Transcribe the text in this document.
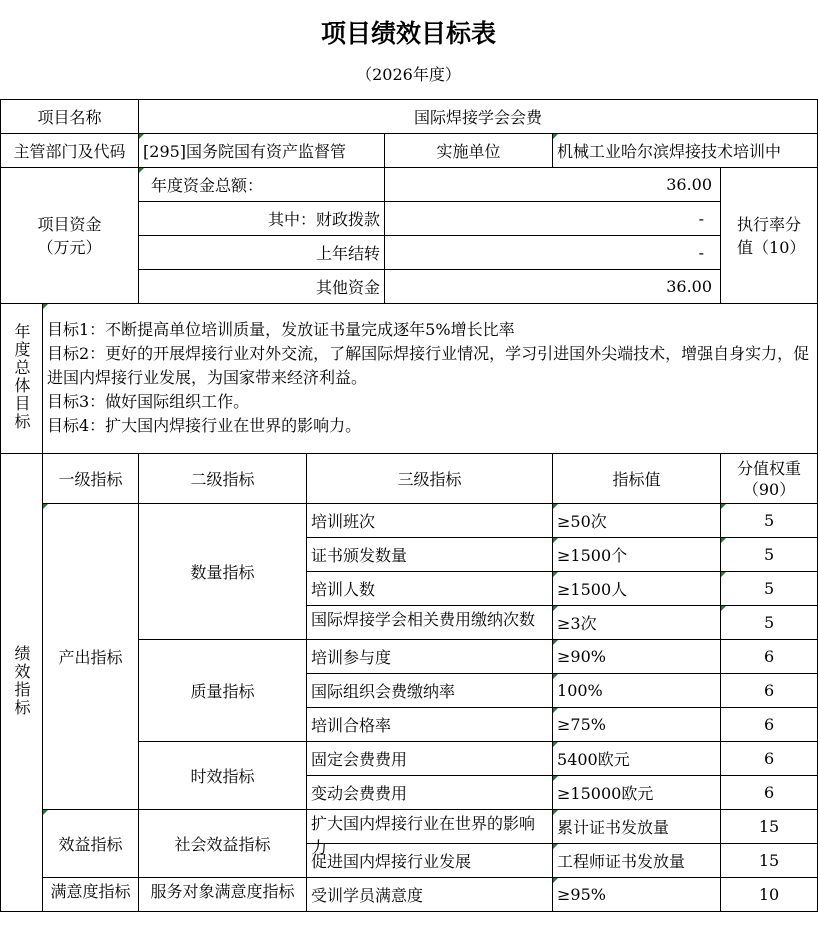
项目绩效目标表
（2026年度）
项目名称		国际焊接学会会费				
主管部门及代码		[295]国务院国有资产监督管		实施单位	机械工业哈尔滨焊接技术培训中	
项目资金（万元）		年度资金总额：		36.00		执行率分值（10）
		其中：财政拨款		-		
		上年结转		-		
		其他资金		36.00		
年度总体目标	目标1：不断提高单位培训质量，发放证书量完成逐年5%增长比率
目标2：更好的开展焊接行业对外交流，了解国际焊接行业情况，学习引进国外尖端技术，增强自身实力，促进国内焊接行业发展，为国家带来经济利益。
目标3：做好国际组织工作。
目标4：扩大国内焊接行业在世界的影响力。					

绩效指标	一级指标	二级指标	三级指标		指标值	分值权重（90）
	产出指标	数量指标	培训班次		≥50次	5
			证书颁发数量		≥1500个	5
			培训人数		≥1500人	5

			国际焊接学会相关费用缴纳次数		≥3次	5
		质量指标	培训参与度		≥90%	6
			国际组织会费缴纳率		100%	6
			培训合格率		≥75%	6
		时效指标	固定会费费用		5400欧元	6
			变动会费费用		≥15000欧元	6
	效益指标	社会效益指标	扩大国内焊接行业在世界的影响力		累计证书发放量	15
			促进国内焊接行业发展		工程师证书发放量	15

	满意度指标	服务对象满意度指标	受训学员满意度		≥95%	10
